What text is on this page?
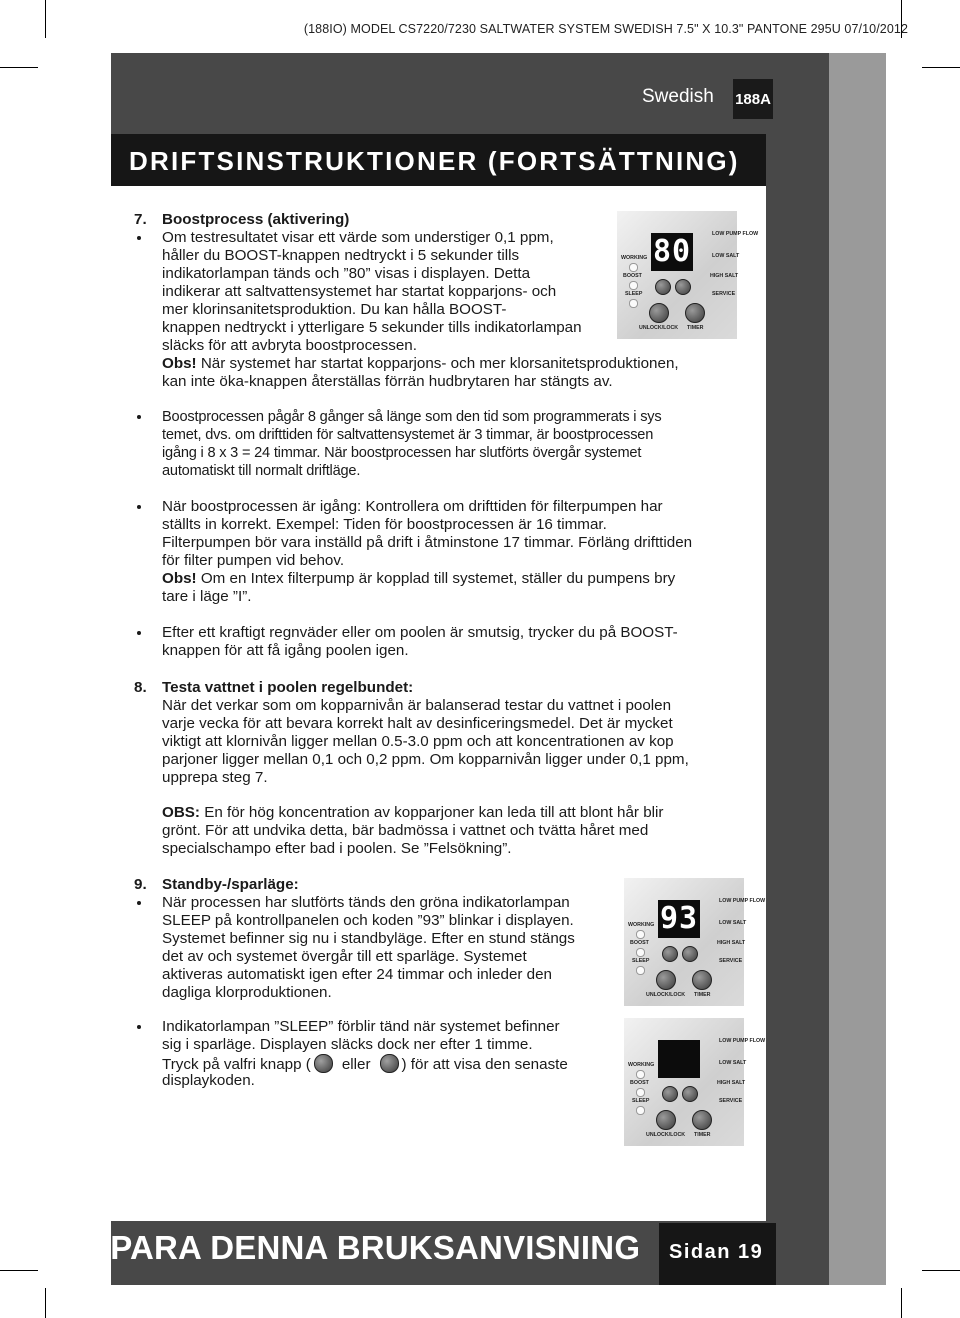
(188IO) MODEL CS7220/7230 SALTWATER SYSTEM SWEDISH 7.5" X 10.3" PANTONE 295U 07/10/2012
Swedish 188A
DRIFTSINSTRUKTIONER (FORTSÄTTNING)
7. Boostprocess (aktivering)
Om testresultatet visar ett värde som understiger 0,1 ppm,
håller du BOOST-knappen nedtryckt i 5 sekunder tills
indikatorlampan tänds och ”80” visas i displayen. Detta
indikerar att saltvattensystemet har startat kopparjons- och
mer klorinsanitetsproduktion. Du kan hålla BOOST-
knappen nedtryckt i ytterligare 5 sekunder tills indikatorlampan
släcks för att avbryta boostprocessen.
Obs! När systemet har startat kopparjons- och mer klorsanitetsproduktionen,
kan inte öka-knappen återställas förrän hudbrytaren har stängts av.
Boostprocessen pågår 8 gånger så länge som den tid som programmerats i sys
temet, dvs. om drifttiden för saltvattensystemet är 3 timmar, är boostprocessen
igång i 8 x 3 = 24 timmar. När boostprocessen har slutförts övergår systemet
automatiskt till normalt driftläge.
När boostprocessen är igång: Kontrollera om drifttiden för filterpumpen har
ställts in korrekt. Exempel: Tiden för boostprocessen är 16 timmar.
Filterpumpen bör vara inställd på drift i åtminstone 17 timmar. Förläng drifttiden
för filter pumpen vid behov.
Obs! Om en Intex filterpump är kopplad till systemet, ställer du pumpens bry
tare i läge ”I”.
Efter ett kraftigt regnväder eller om poolen är smutsig, trycker du på BOOST-
knappen för att få igång poolen igen.
8. Testa vattnet i poolen regelbundet:
När det verkar som om kopparnivån är balanserad testar du vattnet i poolen
varje vecka för att bevara korrekt halt av desinficeringsmedel. Det är mycket
viktigt att klornivån ligger mellan 0.5-3.0 ppm och att koncentrationen av kop
parjoner ligger mellan 0,1 och 0,2 ppm. Om kopparnivån ligger under 0,1 ppm,
upprepa steg 7.
OBS: En för hög koncentration av kopparjoner kan leda till att blont hår blir
grönt. För att undvika detta, bär badmössa i vattnet och tvätta håret med
specialschampo efter bad i poolen. Se ”Felsökning”.
9. Standby-/sparläge:
När processen har slutförts tänds den gröna indikatorlampan
SLEEP på kontrollpanelen och koden ”93” blinkar i displayen.
Systemet befinner sig nu i standbyläge. Efter en stund stängs
det av och systemet övergår till ett sparläge. Systemet
aktiveras automatiskt igen efter 24 timmar och inleder den
dagliga klorproduktionen.
Indikatorlampan ”SLEEP” förblir tänd när systemet befinner
sig i sparläge. Displayen släcks dock ner efter 1 timme.
Tryck på valfri knapp ( eller ) för att visa den senaste
displaykoden.
80
WORKING
BOOST
SLEEP
LOW PUMP FLOW
LOW SALT
HIGH SALT
SERVICE
UNLOCK/LOCK TIMER
93
WORKING
BOOST
SLEEP
LOW PUMP FLOW
LOW SALT
HIGH SALT
SERVICE
UNLOCK/LOCK TIMER
WORKING
BOOST
SLEEP
LOW PUMP FLOW
LOW SALT
HIGH SALT
SERVICE
UNLOCK/LOCK TIMER
SPARA DENNA BRUKSANVISNING Sidan 19
